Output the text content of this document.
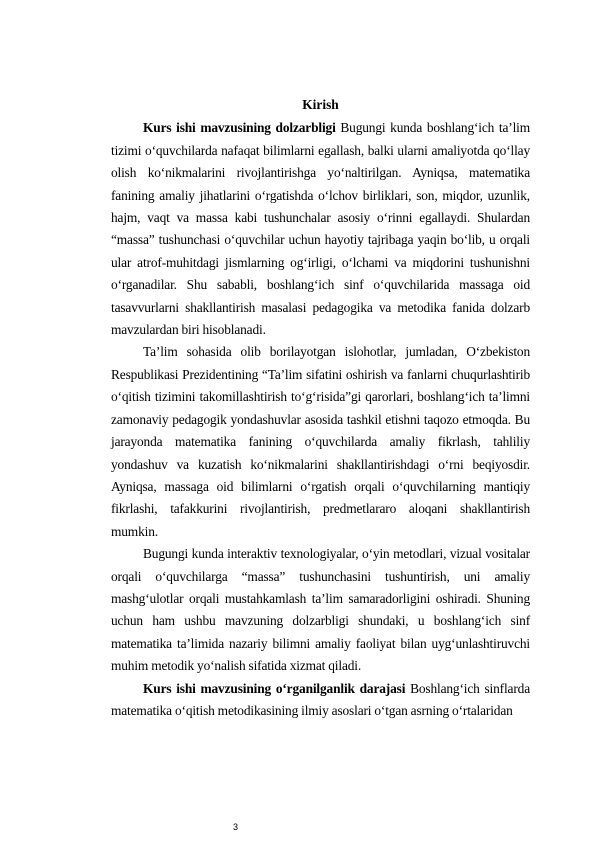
Kirish

Kurs ishi mavzusining dolzarbligi Bugungi kunda boshlang‘ich ta’lim tizimi o‘quvchilarda nafaqat bilimlarni egallash, balki ularni amaliyotda qo‘llay olish ko‘nikmalarini rivojlantirishga yo‘naltirilgan. Ayniqsa, matematika fanining amaliy jihatlarini o‘rgatishda o‘lchov birliklari, son, miqdor, uzunlik, hajm, vaqt va massa kabi tushunchalar asosiy o‘rinni egallaydi. Shulardan “massa” tushunchasi o‘quvchilar uchun hayotiy tajribaga yaqin bo‘lib, u orqali ular atrof-muhitdagi jismlarning og‘irligi, o‘lchami va miqdorini tushunishni o‘rganadilar. Shu sababli, boshlang‘ich sinf o‘quvchilarida massaga oid tasavvurlarni shakllantirish masalasi pedagogika va metodika fanida dolzarb mavzulardan biri hisoblanadi.

Ta’lim sohasida olib borilayotgan islohotlar, jumladan, O‘zbekiston Respublikasi Prezidentining “Ta’lim sifatini oshirish va fanlarni chuqurlashtirib o‘qitish tizimini takomillashtirish to‘g‘risida”gi qarorlari, boshlang‘ich ta’limni zamonaviy pedagogik yondashuvlar asosida tashkil etishni taqozo etmoqda. Bu jarayonda matematika fanining o‘quvchilarda amaliy fikrlash, tahliliy yondashuv va kuzatish ko‘nikmalarini shakllantirishdagi o‘rni beqiyosdir. Ayniqsa, massaga oid bilimlarni o‘rgatish orqali o‘quvchilarning mantiqiy fikrlashi, tafakkurini rivojlantirish, predmetlararo aloqani shakllantirish mumkin.

Bugungi kunda interaktiv texnologiyalar, o‘yin metodlari, vizual vositalar orqali o‘quvchilarga “massa” tushunchasini tushuntirish, uni amaliy mashg‘ulotlar orqali mustahkamlash ta’lim samaradorligini oshiradi. Shuning uchun ham ushbu mavzuning dolzarbligi shundaki, u boshlang‘ich sinf matematika ta’limida nazariy bilimni amaliy faoliyat bilan uyg‘unlashtiruvchi muhim metodik yo‘nalish sifatida xizmat qiladi.

Kurs ishi mavzusining o‘rganilganlik darajasi Boshlang‘ich sinflarda matematika o‘qitish metodikasining ilmiy asoslari o‘tgan asrning o‘rtalaridan

3
